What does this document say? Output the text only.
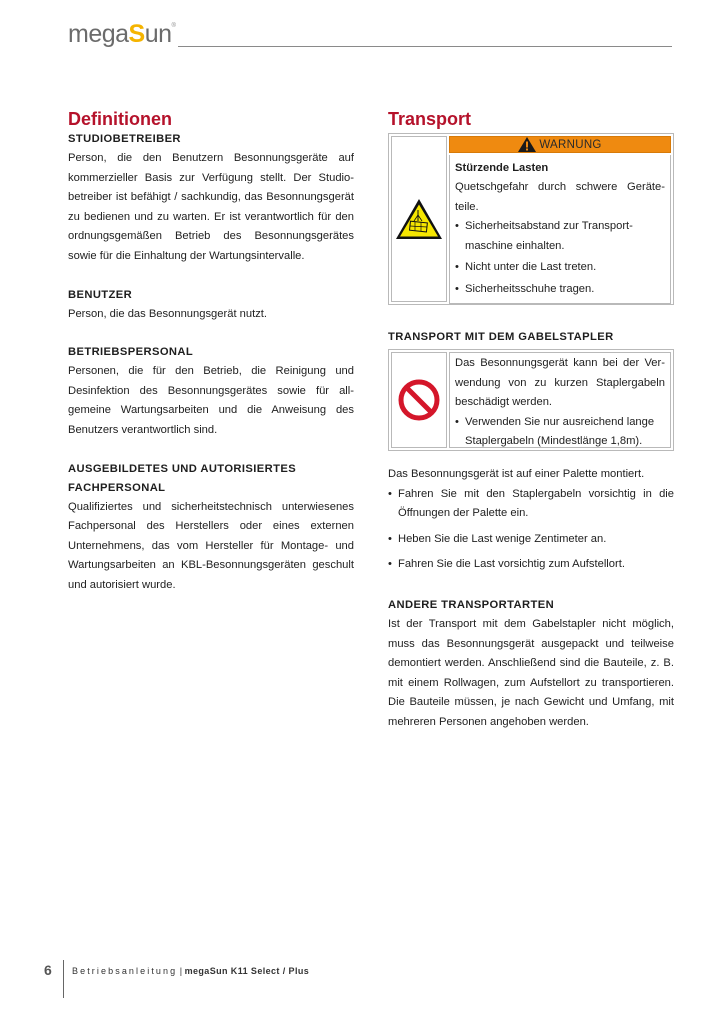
megaSun®
Definitionen
STUDIOBETREIBER

Person, die den Benutzern Besonnungsgeräte auf kommerzieller Basis zur Verfügung stellt. Der Studiobetreiber ist befähigt / sachkundig, das Besonnungsgerät zu bedienen und zu warten. Er ist verantwortlich für den ordnungsgemäßen Betrieb des Besonnungsgerätes sowie für die Einhaltung der Wartungsintervalle.

BENUTZER

Person, die das Besonnungsgerät nutzt.

BETRIEBSPERSONAL

Personen, die für den Betrieb, die Reinigung und Desinfektion des Besonnungsgerätes sowie für allgemeine Wartungsarbeiten und die Anweisung des Benutzers verantwortlich sind.

AUSGEBILDETES UND AUTORISIERTES FACHPERSONAL

Qualifiziertes und sicherheitstechnisch unterwiesenes Fachpersonal des Herstellers oder eines externen Unternehmens, das vom Hersteller für Montage- und Wartungsarbeiten an KBL-Besonnungsgeräten geschult und autorisiert wurde.

Transport
WARNUNG
Stürzende Lasten

Quetschgefahr durch schwere Geräteteile.

• Sicherheitsabstand zur Transportmaschine einhalten.
• Nicht unter die Last treten.
• Sicherheitsschuhe tragen.
TRANSPORT MIT DEM GABELSTAPLER

Das Besonnungsgerät kann bei der Verwendung von zu kurzen Staplergabeln beschädigt werden.

• Verwenden Sie nur ausreichend lange Staplergabeln (Mindestlänge 1,8m).

Das Besonnungsgerät ist auf einer Palette montiert.

• Fahren Sie mit den Staplergabeln vorsichtig in die Öffnungen der Palette ein.
• Heben Sie die Last wenige Zentimeter an.
• Fahren Sie die Last vorsichtig zum Aufstellort.
ANDERE TRANSPORTARTEN

Ist der Transport mit dem Gabelstapler nicht möglich, muss das Besonnungsgerät ausgepackt und teilweise demontiert werden. Anschließend sind die Bauteile, z. B. mit einem Rollwagen, zum Aufstellort zu transportieren. Die Bauteile müssen, je nach Gewicht und Umfang, mit mehreren Personen angehoben werden.

6 Betriebsanleitung | megaSun K11 Select / Plus
